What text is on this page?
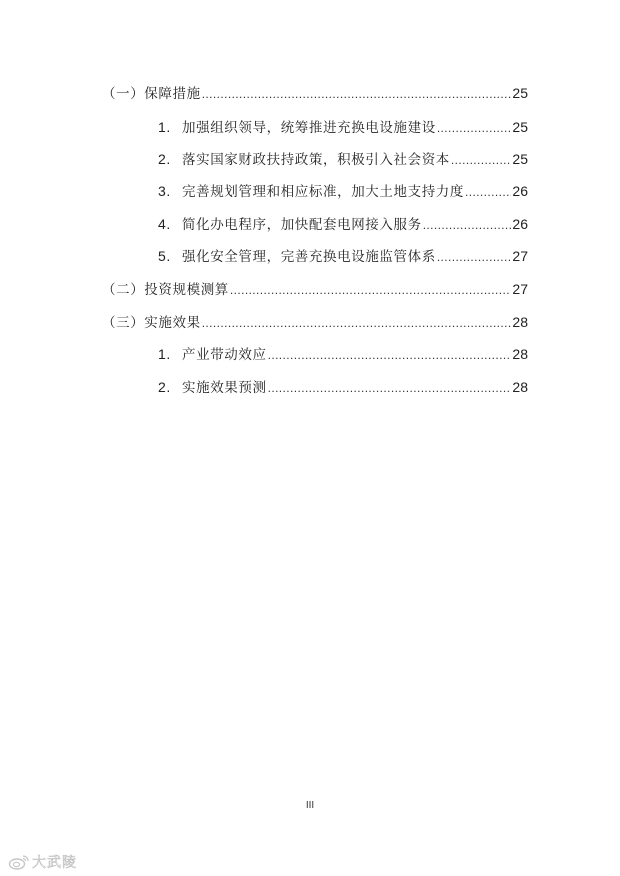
（一）保障措施 .....	25
1. 加强组织领导，统筹推进充换电设施建设 .....	25
2. 落实国家财政扶持政策，积极引入社会资本 .....	25
3. 完善规划管理和相应标准，加大土地支持力度 .....	26
4. 简化办电程序，加快配套电网接入服务 .....	26
5. 强化安全管理，完善充换电设施监管体系 .....	27
（二）投资规模测算 .....	27
（三）实施效果 .....	28
1. 产业带动效应 .....	28
2. 实施效果预测 .....	28
III
大武陵
